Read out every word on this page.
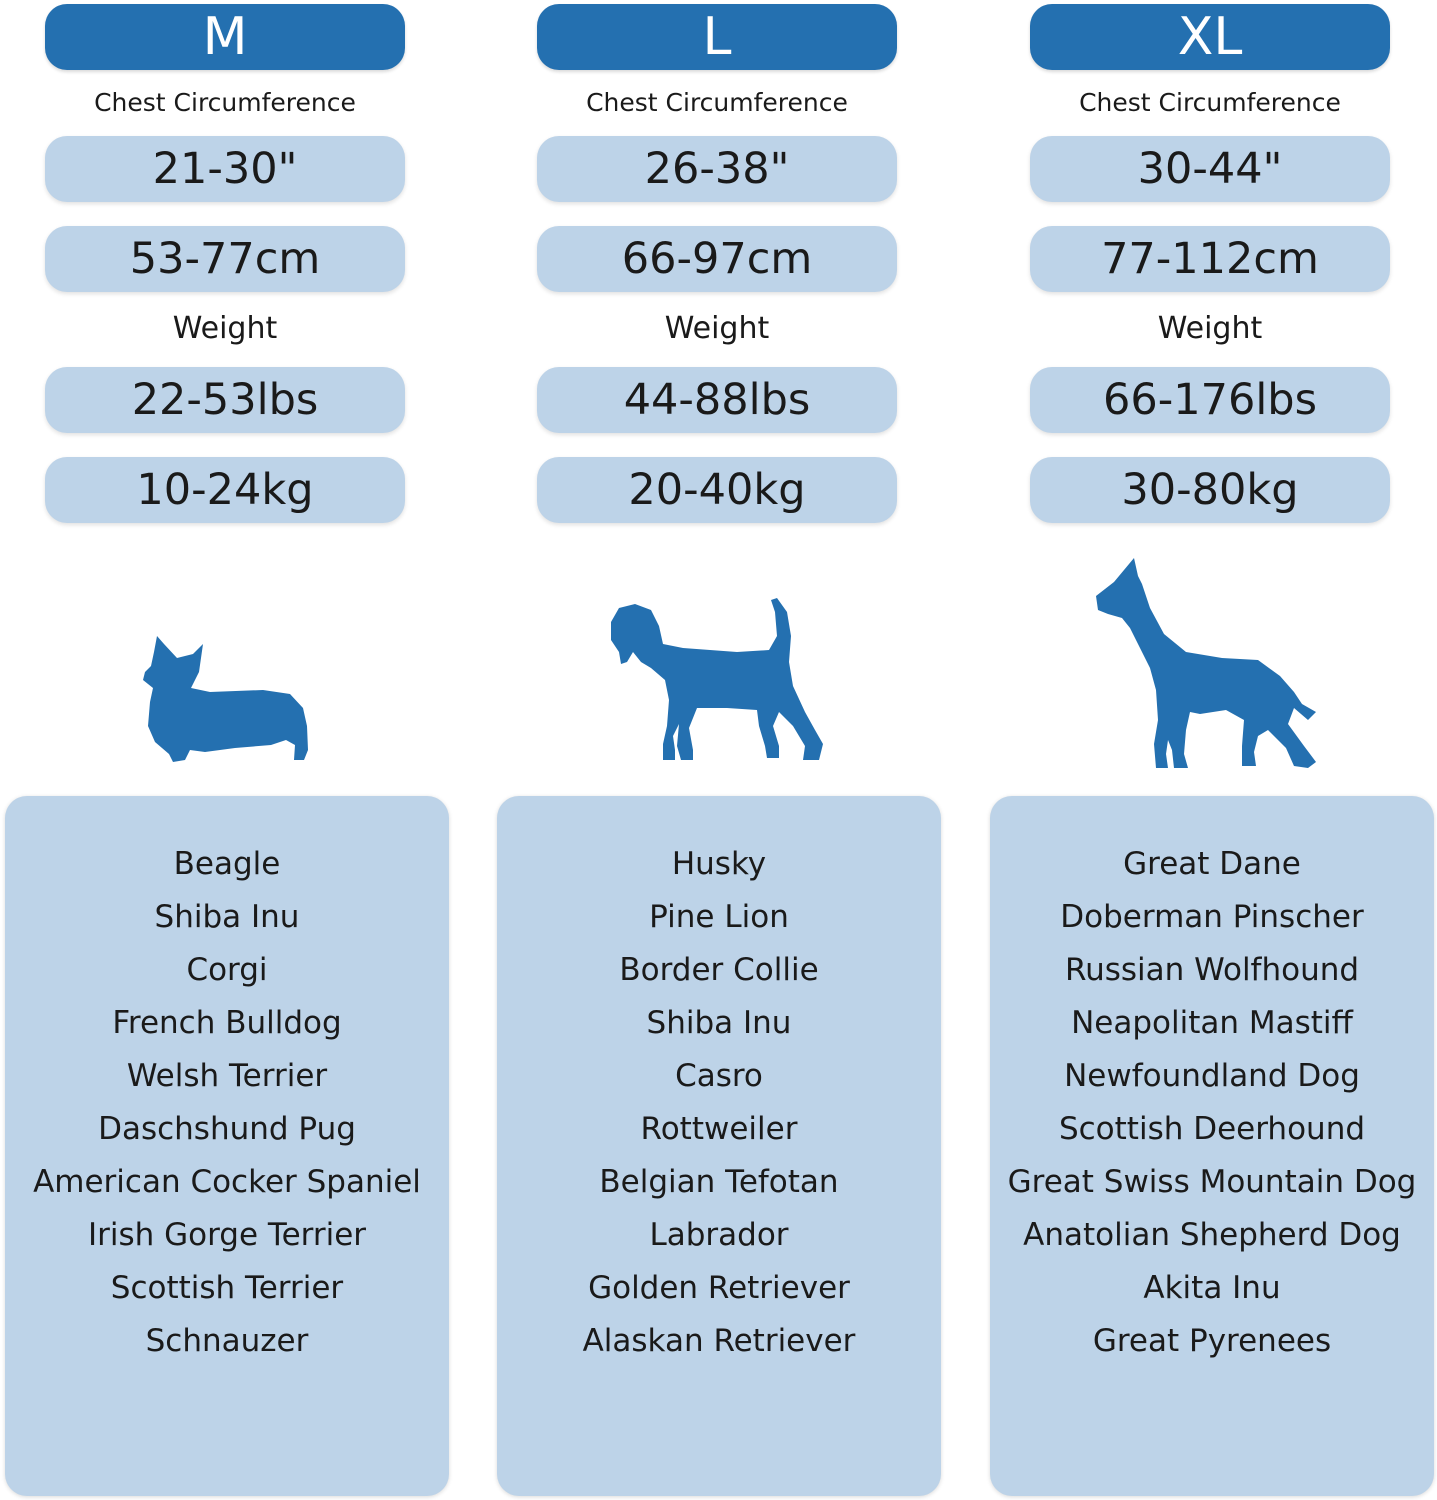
M
Chest Circumference
21-30"
53-77cm
Weight
22-53lbs
10-24kg
Beagle
Shiba Inu
Corgi
French Bulldog
Welsh Terrier
Daschshund Pug
American Cocker Spaniel
Irish Gorge Terrier
Scottish Terrier
Schnauzer
L
Chest Circumference
26-38"
66-97cm
Weight
44-88lbs
20-40kg
Husky
Pine Lion
Border Collie
Shiba Inu
Casro
Rottweiler
Belgian Tefotan
Labrador
Golden Retriever
Alaskan Retriever
XL
Chest Circumference
30-44"
77-112cm
Weight
66-176lbs
30-80kg
Great Dane
Doberman Pinscher
Russian Wolfhound
Neapolitan Mastiff
Newfoundland Dog
Scottish Deerhound
Great Swiss Mountain Dog
Anatolian Shepherd Dog
Akita Inu
Great Pyrenees
